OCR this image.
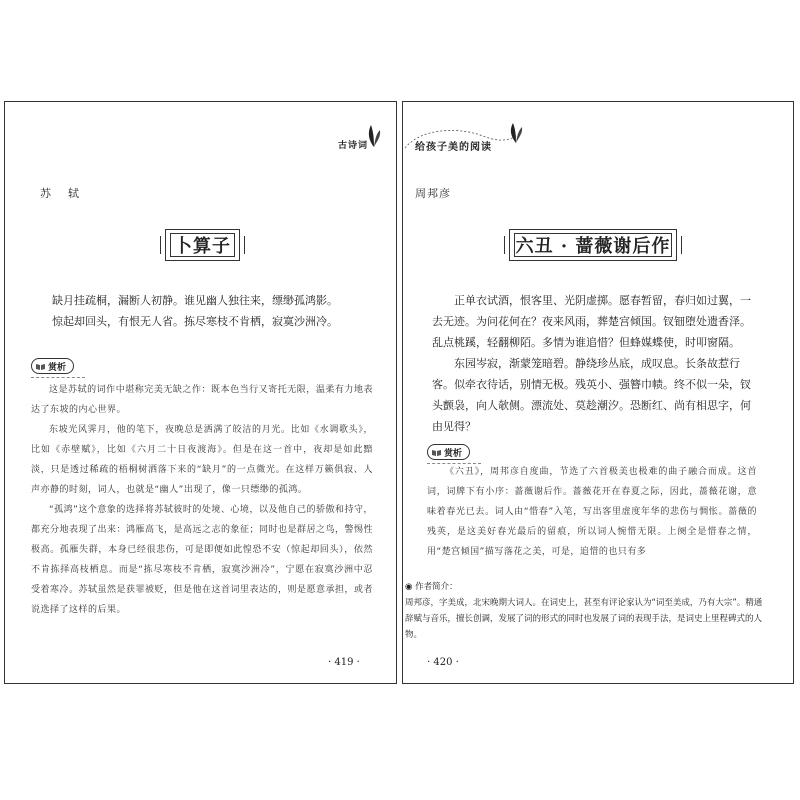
古诗词
苏　轼
卜算子

缺月挂疏桐，漏断人初静。谁见幽人独往来，缥缈孤鸿影。

惊起却回头，有恨无人省。拣尽寒枝不肯栖，寂寞沙洲冷。

赏析

这是苏轼的词作中堪称完美无缺之作：既本色当行又寄托无限，温柔有力地表达了东坡的内心世界。

东坡光风霁月，他的笔下，夜晚总是洒满了皎洁的月光。比如《水调歌头》，比如《赤壁赋》，比如《六月二十日夜渡海》。但是在这一首中，夜却是如此黯淡，只是透过稀疏的梧桐树洒落下来的“缺月”的一点微光。在这样万籁俱寂、人声亦静的时刻，词人，也就是“幽人”出现了，像一只缥缈的孤鸿。

“孤鸿”这个意象的选择将苏轼彼时的处境、心境，以及他自己的骄傲和持守，都充分地表现了出来：鸿雁高飞，是高远之志的象征；同时也是群居之鸟，警惕性极高。孤雁失群，本身已经很悲伤，可是即便如此惶恐不安（惊起却回头），依然不肯拣择高枝栖息。而是“拣尽寒枝不肯栖，寂寞沙洲冷”，宁愿在寂寞沙洲中忍受着寒冷。苏轼虽然是获罪被贬，但是他在这首词里表达的，则是愿意承担，或者说选择了这样的后果。

· 419 ·
给孩子美的阅读
周邦彦
六丑 · 蔷薇谢后作

正单衣试酒，恨客里、光阴虚掷。愿春暂留，春归如过翼，一去无迹。为问花何在？夜来风雨，葬楚宫倾国。钗钿堕处遗香泽。乱点桃蹊，轻翻柳陌。多情为谁追惜？但蜂媒蝶使，时叩窗隔。

东园岑寂，渐蒙笼暗碧。静绕珍丛底，成叹息。长条故惹行客。似牵衣待话，别情无极。残英小、强簪巾帻。终不似一朵，钗头颤袅，向人欹侧。漂流处、莫趁潮汐。恐断红、尚有相思字，何由见得？

赏析

《六丑》，周邦彦自度曲，节选了六首极美也极难的曲子融合而成。这首词，词牌下有小序：蔷薇谢后作。蔷薇花开在春夏之际，因此，蔷薇花谢，意味着春光已去。词人由“惜春”入笔，写出客里虚度年华的悲伤与惆怅。蔷薇的残英，是这美好春光最后的留痕，所以词人惋惜无限。上阕全是惜春之情，用“楚宫倾国”描写落花之美，可是，追惜的也只有多

◉ 作者简介：

周邦彦，字美成，北宋晚期大词人。在词史上，甚至有评论家认为“词至美成，乃有大宗”。精通辞赋与音乐，擅长创调，发展了词的形式的同时也发展了词的表现手法，是词史上里程碑式的人物。

· 420 ·
